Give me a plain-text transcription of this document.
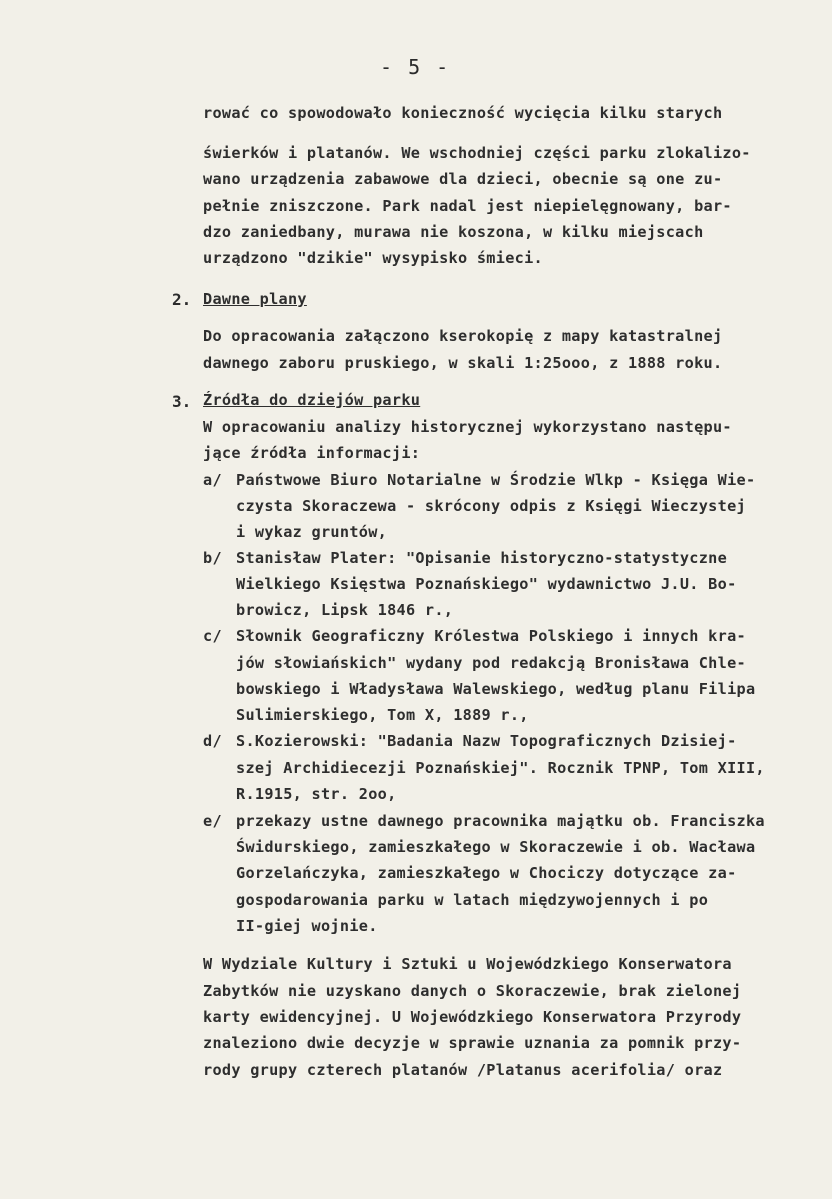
- 5 -
rować co spowodowało konieczność wycięcia kilku starych
świerków i platanów. We wschodniej części parku zlokalizo-
wano urządzenia zabawowe dla dzieci, obecnie są one zu-
pełnie zniszczone. Park nadal jest niepielęgnowany, bar-
dzo zaniedbany, murawa nie koszona, w kilku miejscach
urządzono "dzikie" wysypisko śmieci.
2. Dawne plany
Do opracowania załączono kserokopię z mapy katastralnej
dawnego zaboru pruskiego, w skali 1:25ooo, z 1888 roku.
3. Źródła do dziejów parku
W opracowaniu analizy historycznej wykorzystano następu-
jące źródła informacji:
a/ Państwowe Biuro Notarialne w Środzie Wlkp - Księga Wie-
czysta Skoraczewa - skrócony odpis z Księgi Wieczystej
i wykaz gruntów,
b/ Stanisław Plater: "Opisanie historyczno-statystyczne
Wielkiego Księstwa Poznańskiego" wydawnictwo J.U. Bo-
browicz, Lipsk 1846 r.,
c/ Słownik Geograficzny Królestwa Polskiego i innych kra-
jów słowiańskich" wydany pod redakcją Bronisława Chle-
bowskiego i Władysława Walewskiego, według planu Filipa
Sulimierskiego, Tom X, 1889 r.,
d/ S.Kozierowski: "Badania Nazw Topograficznych Dzisiej-
szej Archidiecezji Poznańskiej". Rocznik TPNP, Tom XIII,
R.1915, str. 2oo,
e/ przekazy ustne dawnego pracownika majątku ob. Franciszka
Świdurskiego, zamieszkałego w Skoraczewie i ob. Wacława
Gorzelańczyka, zamieszkałego w Chociczy dotyczące za-
gospodarowania parku w latach międzywojennych i po
II-giej wojnie.
W Wydziale Kultury i Sztuki u Wojewódzkiego Konserwatora
Zabytków nie uzyskano danych o Skoraczewie, brak zielonej
karty ewidencyjnej. U Wojewódzkiego Konserwatora Przyrody
znaleziono dwie decyzje w sprawie uznania za pomnik przy-
rody grupy czterech platanów /Platanus acerifolia/ oraz
